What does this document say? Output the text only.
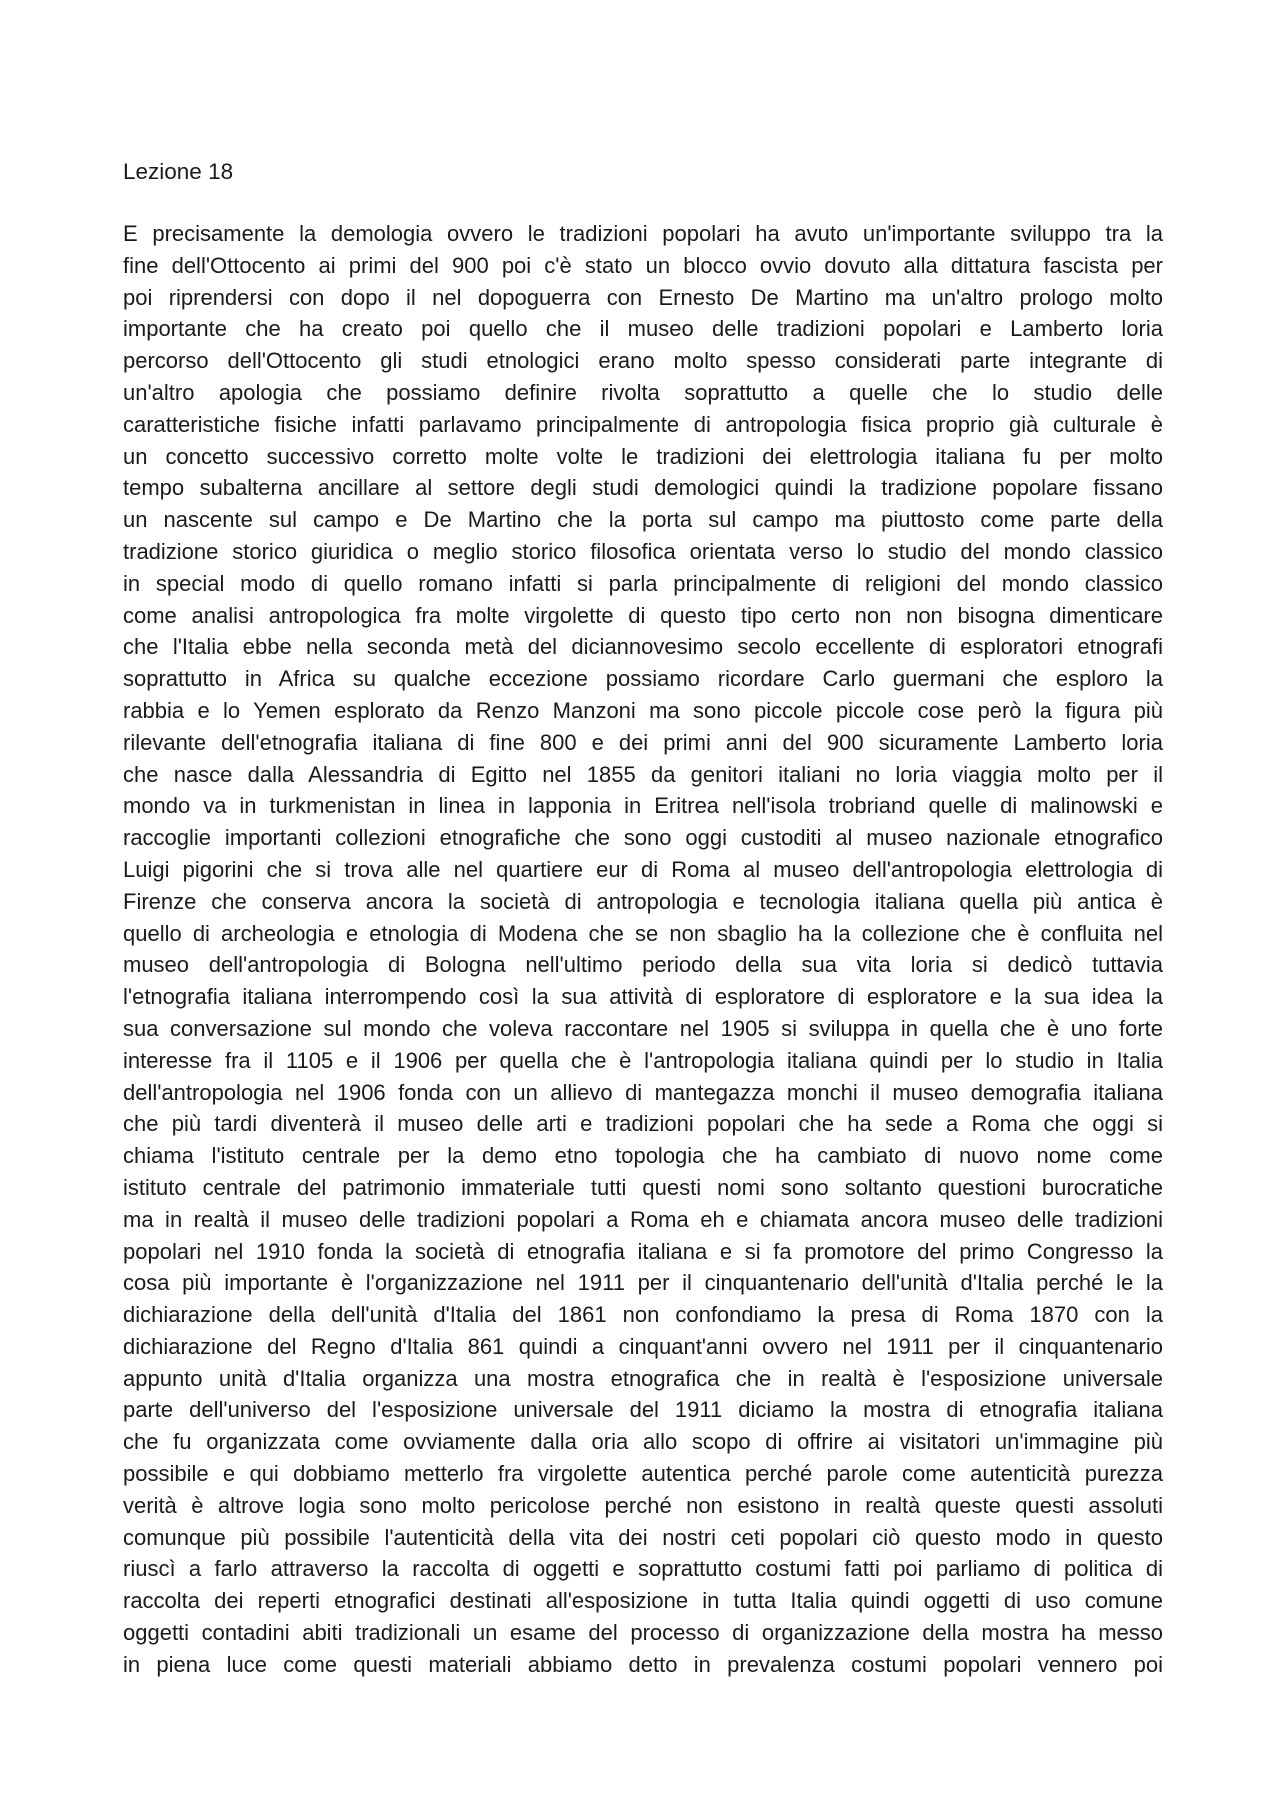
Lezione 18
E precisamente la demologia ovvero le tradizioni popolari ha avuto un'importante sviluppo tra la
fine dell'Ottocento ai primi del 900 poi c'è stato un blocco ovvio dovuto alla dittatura fascista per
poi riprendersi con dopo il nel dopoguerra con Ernesto De Martino ma un'altro prologo molto
importante che ha creato poi quello che il museo delle tradizioni popolari e Lamberto loria
percorso dell'Ottocento gli studi etnologici erano molto spesso considerati parte integrante di
un'altro apologia che possiamo definire rivolta soprattutto a quelle che lo studio delle
caratteristiche fisiche infatti parlavamo principalmente di antropologia fisica proprio già culturale è
un concetto successivo corretto molte volte le tradizioni dei elettrologia italiana fu per molto
tempo subalterna ancillare al settore degli studi demologici quindi la tradizione popolare fissano
un nascente sul campo e De Martino che la porta sul campo ma piuttosto come parte della
tradizione storico giuridica o meglio storico filosofica orientata verso lo studio del mondo classico
in special modo di quello romano infatti si parla principalmente di religioni del mondo classico
come analisi antropologica fra molte virgolette di questo tipo certo non non bisogna dimenticare
che l'Italia ebbe nella seconda metà del diciannovesimo secolo eccellente di esploratori etnografi
soprattutto in Africa su qualche eccezione possiamo ricordare Carlo guermani che esploro la
rabbia e lo Yemen esplorato da Renzo Manzoni ma sono piccole piccole cose però la figura più
rilevante dell'etnografia italiana di fine 800 e dei primi anni del 900 sicuramente Lamberto loria
che nasce dalla Alessandria di Egitto nel 1855 da genitori italiani no loria viaggia molto per il
mondo va in turkmenistan in linea in lapponia in Eritrea nell'isola trobriand quelle di malinowski e
raccoglie importanti collezioni etnografiche che sono oggi custoditi al museo nazionale etnografico
Luigi pigorini che si trova alle nel quartiere eur di Roma al museo dell'antropologia elettrologia di
Firenze che conserva ancora la società di antropologia e tecnologia italiana quella più antica è
quello di archeologia e etnologia di Modena che se non sbaglio ha la collezione che è confluita nel
museo dell'antropologia di Bologna nell'ultimo periodo della sua vita loria si dedicò tuttavia
l'etnografia italiana interrompendo così la sua attività di esploratore di esploratore e la sua idea la
sua conversazione sul mondo che voleva raccontare nel 1905 si sviluppa in quella che è uno forte
interesse fra il 1105 e il 1906 per quella che è l'antropologia italiana quindi per lo studio in Italia
dell'antropologia nel 1906 fonda con un allievo di mantegazza monchi il museo demografia italiana
che più tardi diventerà il museo delle arti e tradizioni popolari che ha sede a Roma che oggi si
chiama l'istituto centrale per la demo etno topologia che ha cambiato di nuovo nome come
istituto centrale del patrimonio immateriale tutti questi nomi sono soltanto questioni burocratiche
ma in realtà il museo delle tradizioni popolari a Roma eh e chiamata ancora museo delle tradizioni
popolari nel 1910 fonda la società di etnografia italiana e si fa promotore del primo Congresso la
cosa più importante è l'organizzazione nel 1911 per il cinquantenario dell'unità d'Italia perché le la
dichiarazione della dell'unità d'Italia del 1861 non confondiamo la presa di Roma 1870 con la
dichiarazione del Regno d'Italia 861 quindi a cinquant'anni ovvero nel 1911 per il cinquantenario
appunto unità d'Italia organizza una mostra etnografica che in realtà è l'esposizione universale
parte dell'universo del l'esposizione universale del 1911 diciamo la mostra di etnografia italiana
che fu organizzata come ovviamente dalla oria allo scopo di offrire ai visitatori un'immagine più
possibile e qui dobbiamo metterlo fra virgolette autentica perché parole come autenticità purezza
verità è altrove logia sono molto pericolose perché non esistono in realtà queste questi assoluti
comunque più possibile l'autenticità della vita dei nostri ceti popolari ciò questo modo in questo
riuscì a farlo attraverso la raccolta di oggetti e soprattutto costumi fatti poi parliamo di politica di
raccolta dei reperti etnografici destinati all'esposizione in tutta Italia quindi oggetti di uso comune
oggetti contadini abiti tradizionali un esame del processo di organizzazione della mostra ha messo
in piena luce come questi materiali abbiamo detto in prevalenza costumi popolari vennero poi
